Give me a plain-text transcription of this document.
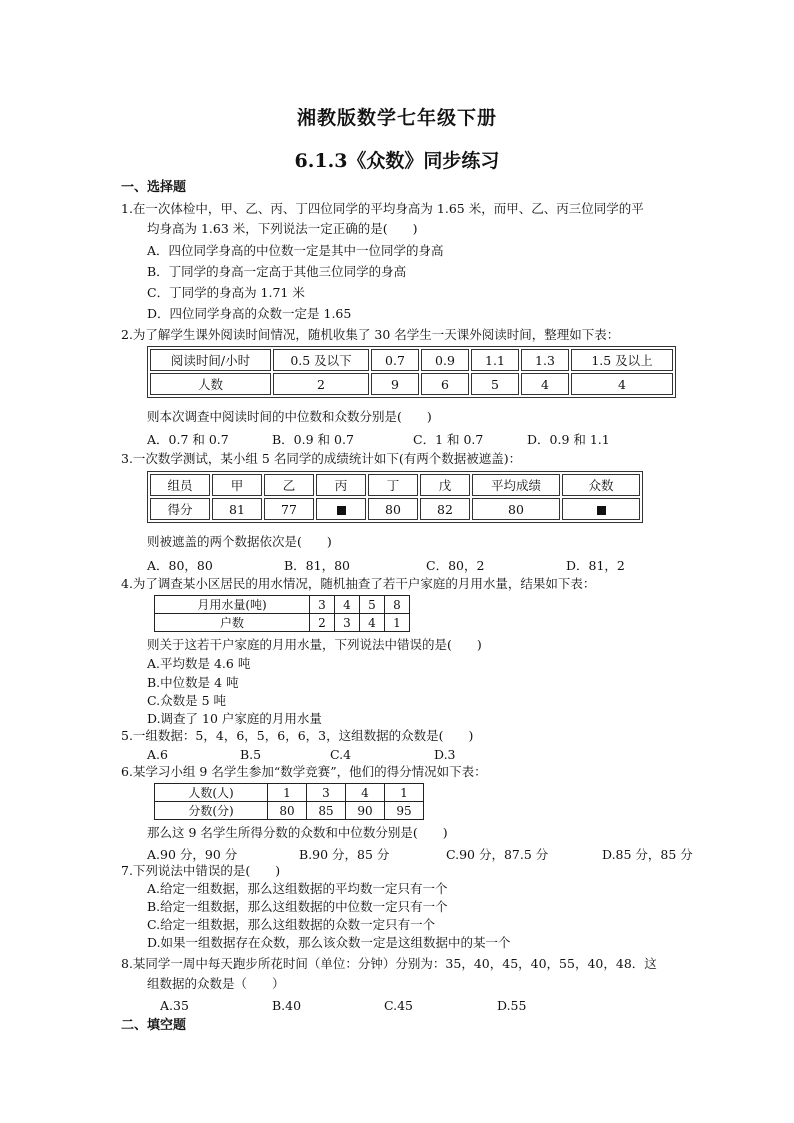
湘教版数学七年级下册
6.1.3《众数》同步练习
一、选择题
1.在一次体检中，甲、乙、丙、丁四位同学的平均身高为 1.65 米，而甲、乙、丙三位同学的平
均身高为 1.63 米，下列说法一定正确的是(　　)
A．四位同学身高的中位数一定是其中一位同学的身高
B．丁同学的身高一定高于其他三位同学的身高
C．丁同学的身高为 1.71 米
D．四位同学身高的众数一定是 1.65
2.为了解学生课外阅读时间情况，随机收集了 30 名学生一天课外阅读时间，整理如下表：
阅读时间/小时	0.5 及以下	0.7	0.9	1.1	1.3	1.5 及以上
人数	2	9	6	5	4	4
则本次调查中阅读时间的中位数和众数分别是(　　)
A．0.7 和 0.7	B．0.9 和 0.7	C．1 和 0.7	D．0.9 和 1.1
3.一次数学测试，某小组 5 名同学的成绩统计如下(有两个数据被遮盖)：
组员	甲	乙	丙	丁	戊	平均成绩	众数
得分	81	77		80	82	80	
则被遮盖的两个数据依次是(　　)
A．80，80	B．81，80	C．80，2	D．81，2
4.为了调查某小区居民的用水情况，随机抽查了若干户家庭的月用水量，结果如下表：
月用水量(吨)	3	4	5	8
户数	2	3	4	1
则关于这若干户家庭的月用水量，下列说法中错误的是(　　)
A.平均数是 4.6 吨
B.中位数是 4 吨
C.众数是 5 吨
D.调查了 10 户家庭的月用水量
5.一组数据：5，4，6，5，6，6，3，这组数据的众数是(　　)
A.6	B.5	C.4	D.3
6.某学习小组 9 名学生参加“数学竞赛”，他们的得分情况如下表：
人数(人)	1	3	4	1
分数(分)	80	85	90	95
那么这 9 名学生所得分数的众数和中位数分别是(　　)
A.90 分，90 分	B.90 分，85 分	C.90 分，87.5 分	D.85 分，85 分
7.下列说法中错误的是(　　)
A.给定一组数据，那么这组数据的平均数一定只有一个
B.给定一组数据，那么这组数据的中位数一定只有一个
C.给定一组数据，那么这组数据的众数一定只有一个
D.如果一组数据存在众数，那么该众数一定是这组数据中的某一个
8.某同学一周中每天跑步所花时间（单位：分钟）分别为：35，40，45，40，55，40，48．这
组数据的众数是（　　）
A.35	B.40	C.45	D.55
二、填空题
